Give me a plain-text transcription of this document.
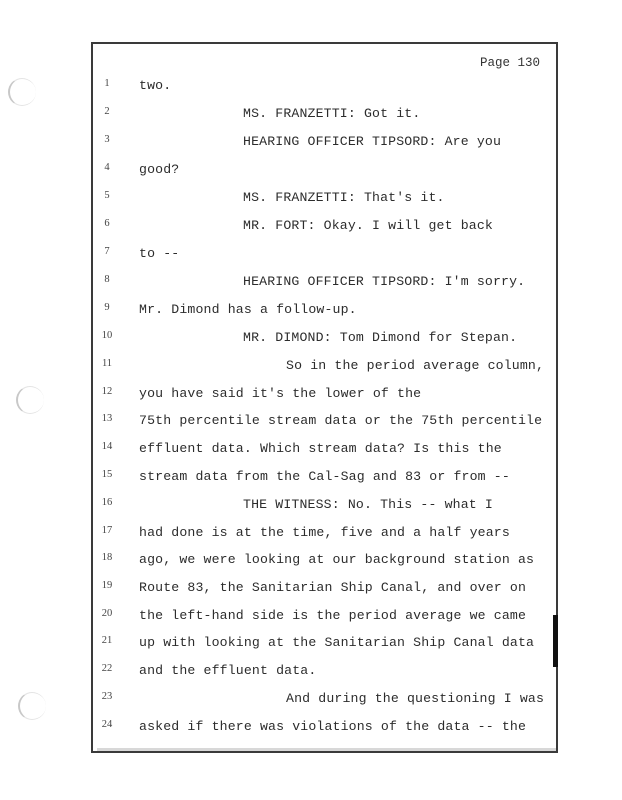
Page 130
1	two.
2	MS. FRANZETTI: Got it.
3	HEARING OFFICER TIPSORD: Are you
4	good?
5	MS. FRANZETTI: That's it.
6	MR. FORT: Okay. I will get back
7	to --
8	HEARING OFFICER TIPSORD: I'm sorry.
9	Mr. Dimond has a follow-up.
10	MR. DIMOND: Tom Dimond for Stepan.
11	So in the period average column,
12 you have said it's the lower of the
13 75th percentile stream data or the 75th percentile
14 effluent data. Which stream data? Is this the
15 stream data from the Cal-Sag and 83 or from --
16	THE WITNESS: No. This -- what I
17 had done is at the time, five and a half years
18 ago, we were looking at our background station as
19 Route 83, the Sanitarian Ship Canal, and over on
20 the left-hand side is the period average we came
21 up with looking at the Sanitarian Ship Canal data
22 and the effluent data.
23	And during the questioning I was
24 asked if there was violations of the data -- the
